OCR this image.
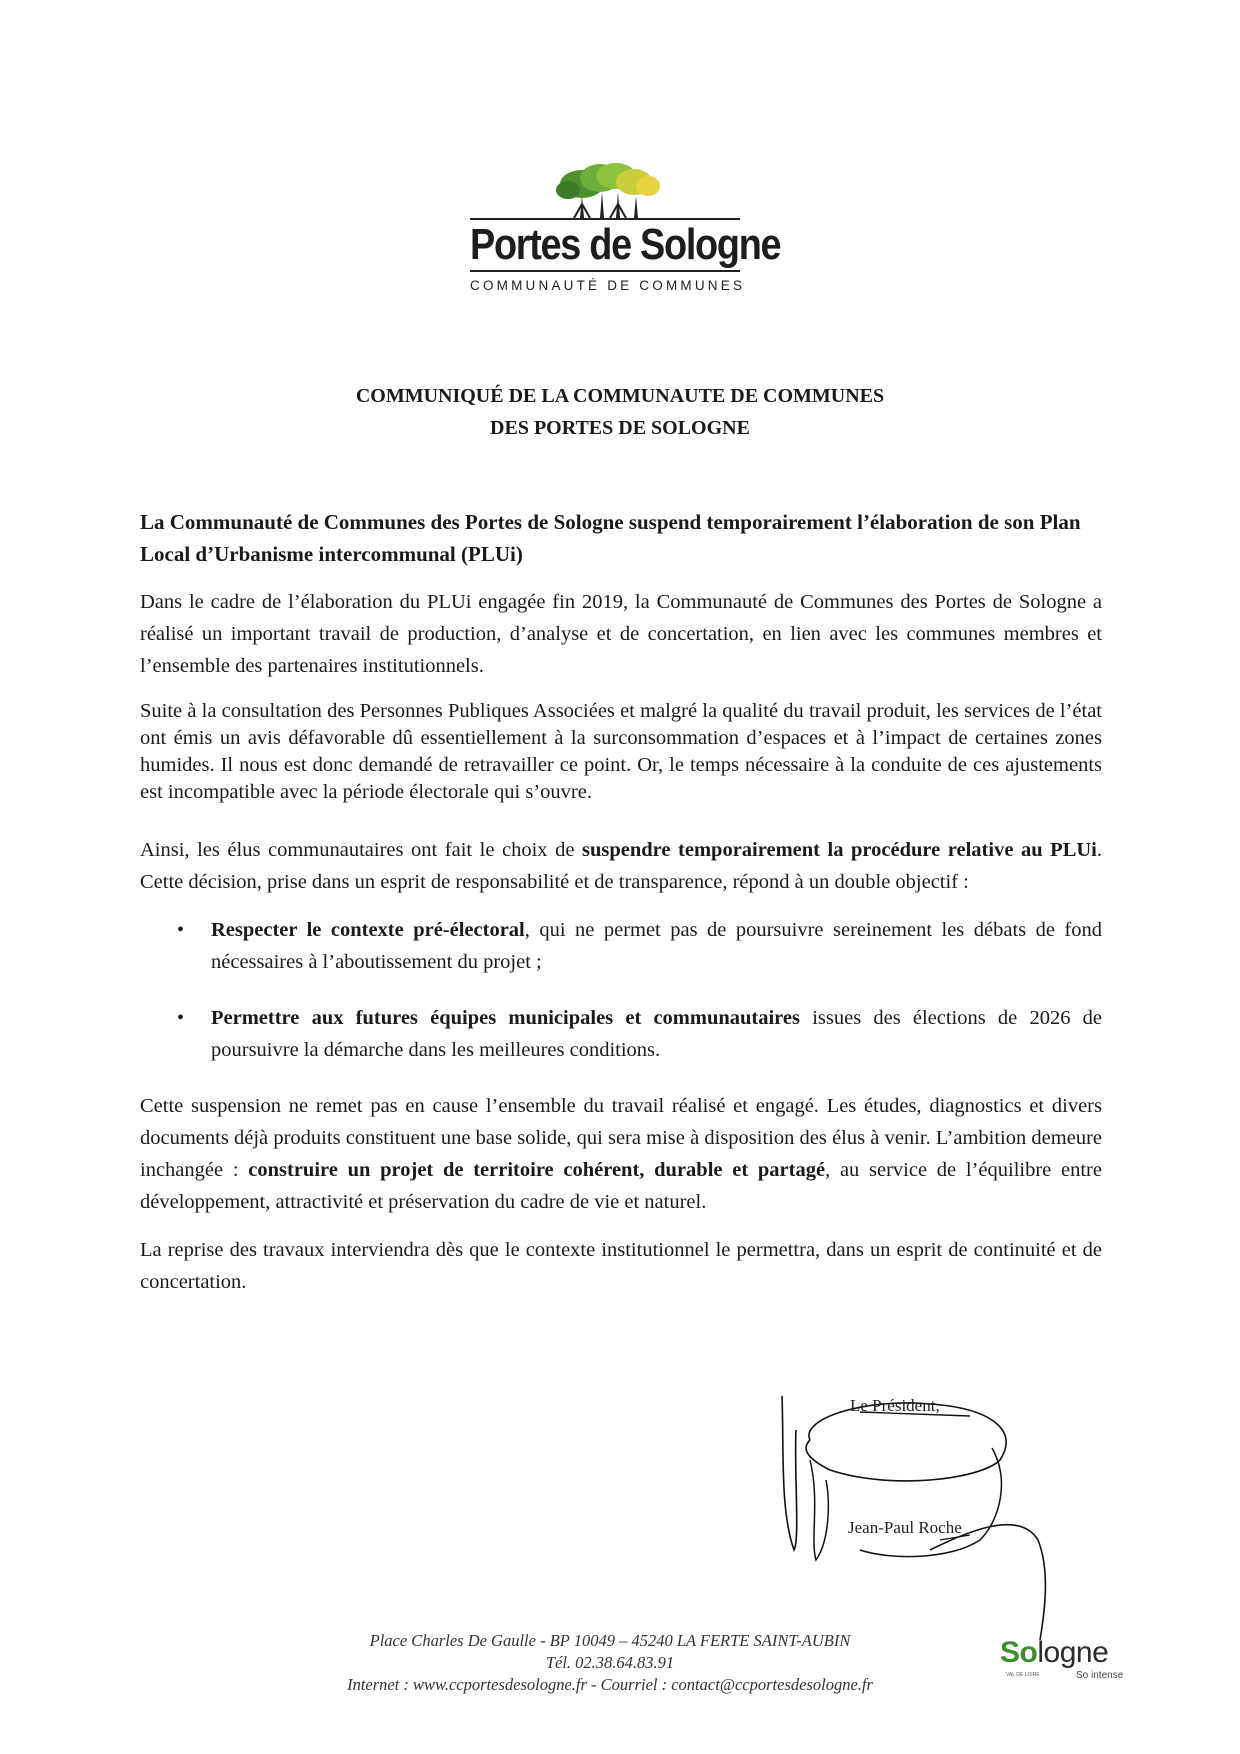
Portes de Sologne
COMMUNAUTÉ DE COMMUNES
COMMUNIQUÉ DE LA COMMUNAUTE DE COMMUNES
DES PORTES DE SOLOGNE

La Communauté de Communes des Portes de Sologne suspend temporairement l’élaboration de son Plan Local d’Urbanisme intercommunal (PLUi)

Dans le cadre de l’élaboration du PLUi engagée fin 2019, la Communauté de Communes des Portes de Sologne a réalisé un important travail de production, d’analyse et de concertation, en lien avec les communes membres et l’ensemble des partenaires institutionnels.

Suite à la consultation des Personnes Publiques Associées et malgré la qualité du travail produit, les services de l’état ont émis un avis défavorable dû essentiellement à la surconsommation d’espaces et à l’impact de certaines zones humides. Il nous est donc demandé de retravailler ce point. Or, le temps nécessaire à la conduite de ces ajustements est incompatible avec la période électorale qui s’ouvre.

Ainsi, les élus communautaires ont fait le choix de suspendre temporairement la procédure relative au PLUi. Cette décision, prise dans un esprit de responsabilité et de transparence, répond à un double objectif :

• Respecter le contexte pré-électoral, qui ne permet pas de poursuivre sereinement les débats de fond nécessaires à l’aboutissement du projet ;
• Permettre aux futures équipes municipales et communautaires issues des élections de 2026 de poursuivre la démarche dans les meilleures conditions.

Cette suspension ne remet pas en cause l’ensemble du travail réalisé et engagé. Les études, diagnostics et divers documents déjà produits constituent une base solide, qui sera mise à disposition des élus à venir. L’ambition demeure inchangée : construire un projet de territoire cohérent, durable et partagé, au service de l’équilibre entre développement, attractivité et préservation du cadre de vie et naturel.

La reprise des travaux interviendra dès que le contexte institutionnel le permettra, dans un esprit de continuité et de concertation.

Le Président,
Jean-Paul Roche
Place Charles De Gaulle - BP 10049 – 45240 LA FERTE SAINT-AUBIN
Tél. 02.38.64.83.91
Internet : www.ccportesdesologne.fr - Courriel : contact@ccportesdesologne.fr
Sologne
VAL DE LOIRE	So intense
